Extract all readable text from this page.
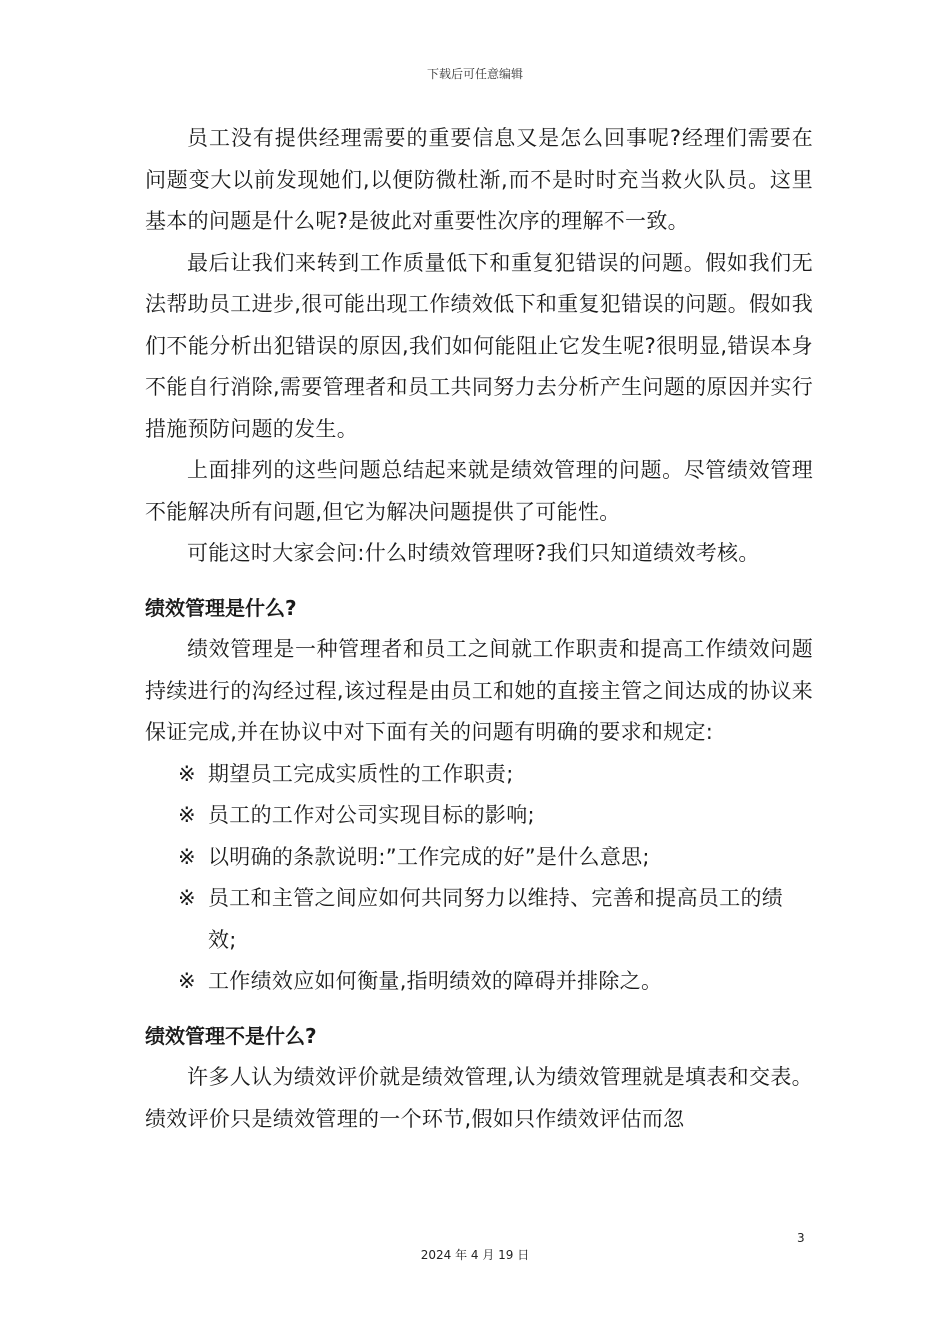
下载后可任意编辑

员工没有提供经理需要的重要信息又是怎么回事呢?经理们需要在问题变大以前发现她们,以便防微杜渐,而不是时时充当救火队员。这里基本的问题是什么呢?是彼此对重要性次序的理解不一致。

最后让我们来转到工作质量低下和重复犯错误的问题。假如我们无法帮助员工进步,很可能出现工作绩效低下和重复犯错误的问题。假如我们不能分析出犯错误的原因,我们如何能阻止它发生呢?很明显,错误本身不能自行消除,需要管理者和员工共同努力去分析产生问题的原因并实行措施预防问题的发生。

上面排列的这些问题总结起来就是绩效管理的问题。尽管绩效管理不能解决所有问题,但它为解决问题提供了可能性。

可能这时大家会问:什么时绩效管理呀?我们只知道绩效考核。

绩效管理是什么?

绩效管理是一种管理者和员工之间就工作职责和提高工作绩效问题持续进行的沟经过程,该过程是由员工和她的直接主管之间达成的协议来保证完成,并在协议中对下面有关的问题有明确的要求和规定:

※ 期望员工完成实质性的工作职责;
※ 员工的工作对公司实现目标的影响;
※ 以明确的条款说明:”工作完成的好”是什么意思;
※ 员工和主管之间应如何共同努力以维持、完善和提高员工的绩效;
※ 工作绩效应如何衡量,指明绩效的障碍并排除之。
绩效管理不是什么?

许多人认为绩效评价就是绩效管理,认为绩效管理就是填表和交表。绩效评价只是绩效管理的一个环节,假如只作绩效评估而忽

3
2024 年 4 月 19 日
